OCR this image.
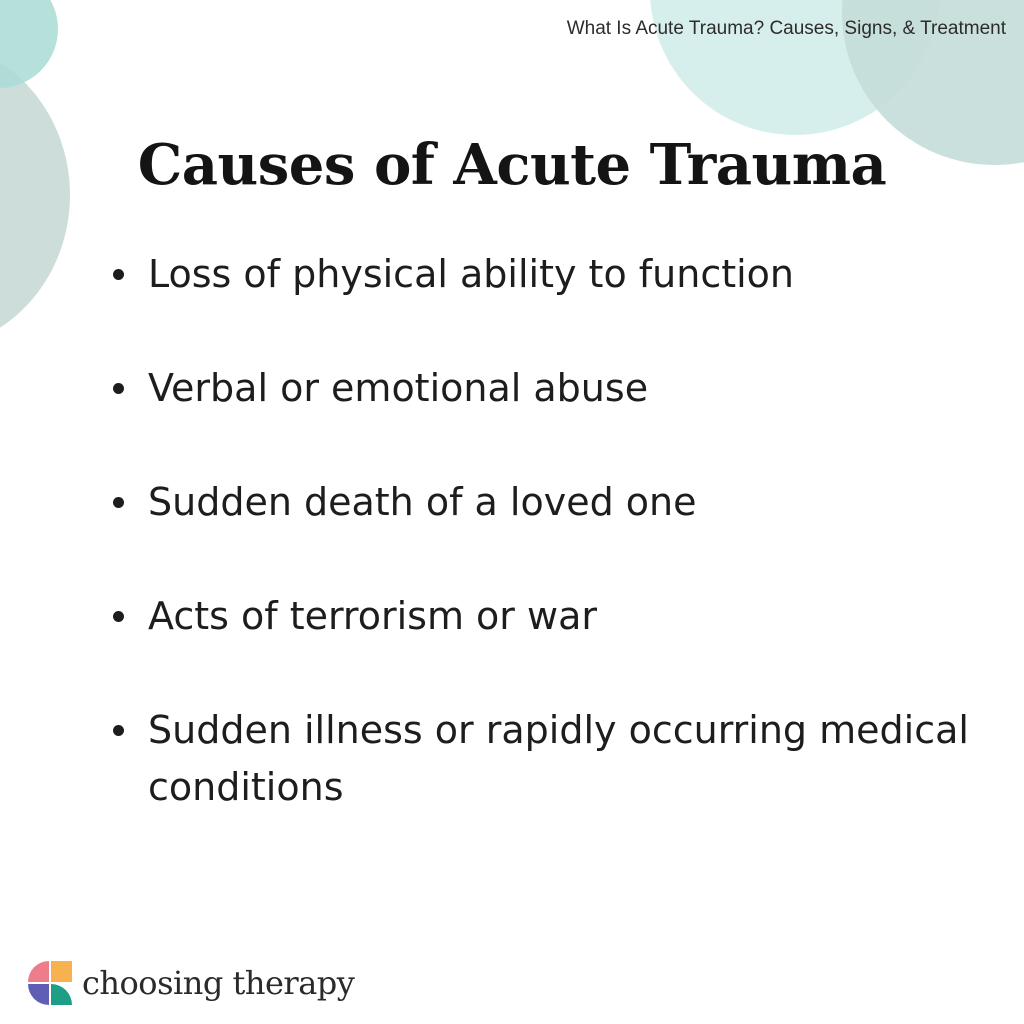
What Is Acute Trauma? Causes, Signs, & Treatment
Causes of Acute Trauma
Loss of physical ability to function
Verbal or emotional abuse
Sudden death of a loved one
Acts of terrorism or war
Sudden illness or rapidly occurring medical conditions
choosing therapy
